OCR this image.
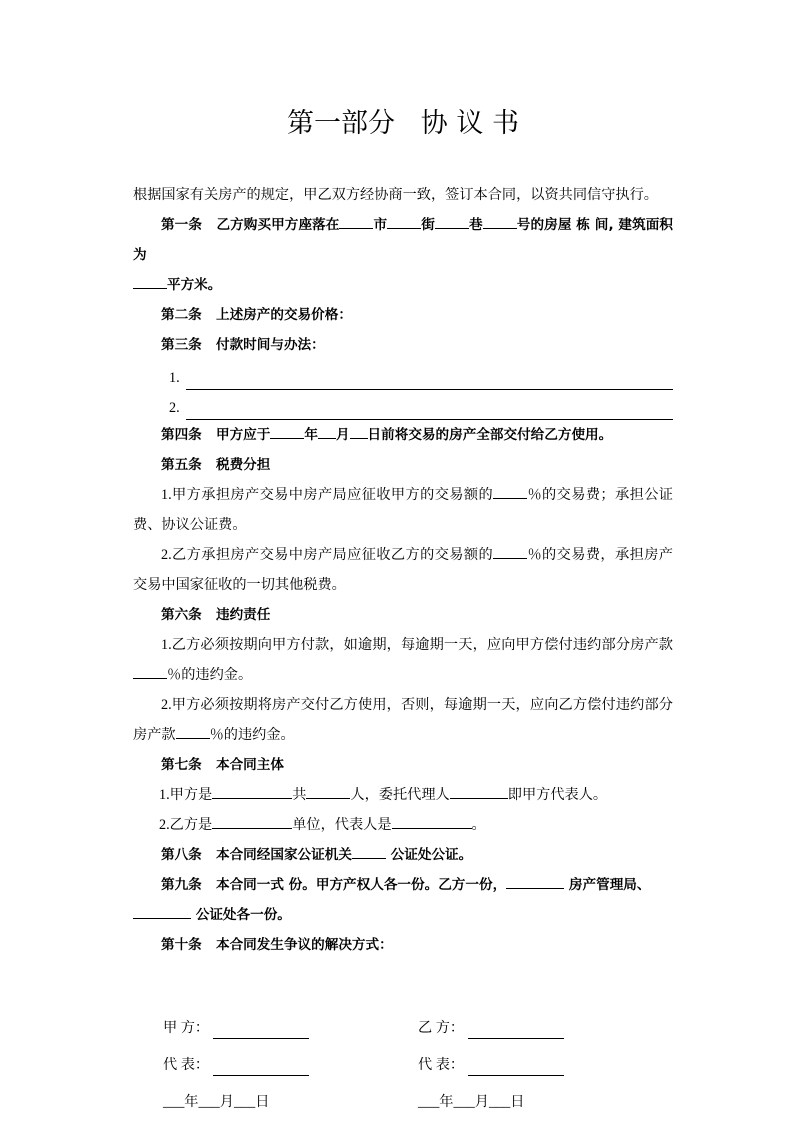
第一部分   协 议 书

根据国家有关房产的规定，甲乙双方经协商一致，签订本合同，以资共同信守执行。

第一条 乙方购买甲方座落在	市	街	巷	号的房屋 栋 间, 建筑面积为

平方米。

第二条 上述房产的交易价格：

第三条 付款时间与办法：

1.
2.

第四条 甲方应于	年 月 日前将交易的房产全部交付给乙方使用。

第五条 税费分担

1.甲方承担房产交易中房产局应征收甲方的交易额的 ％的交易费；承担公证费、协议公证费。

2.乙方承担房产交易中房产局应征收乙方的交易额的 ％的交易费，承担房产交易中国家征收的一切其他税费。

第六条 违约责任

1.乙方必须按期向甲方付款，如逾期，每逾期一天，应向甲方偿付违约部分房产款％的违约金。

2.甲方必须按期将房产交付乙方使用，否则，每逾期一天，应向乙方偿付违约部分房产款 ％的违约金。

第七条 本合同主体

1.甲方是	共	人，委托代理人	即甲方代表人。

2.乙方是	单位，代表人是	。

第八条 本合同经国家公证机关	公证处公证。

第九条 本合同一式 份。甲方产权人各一份。乙方一份，	房产管理局、

公证处各一份。

第十条 本合同发生争议的解决方式：

甲 方：	乙 方：
代 表：	代 表：
___年___月___日	___年___月___日
